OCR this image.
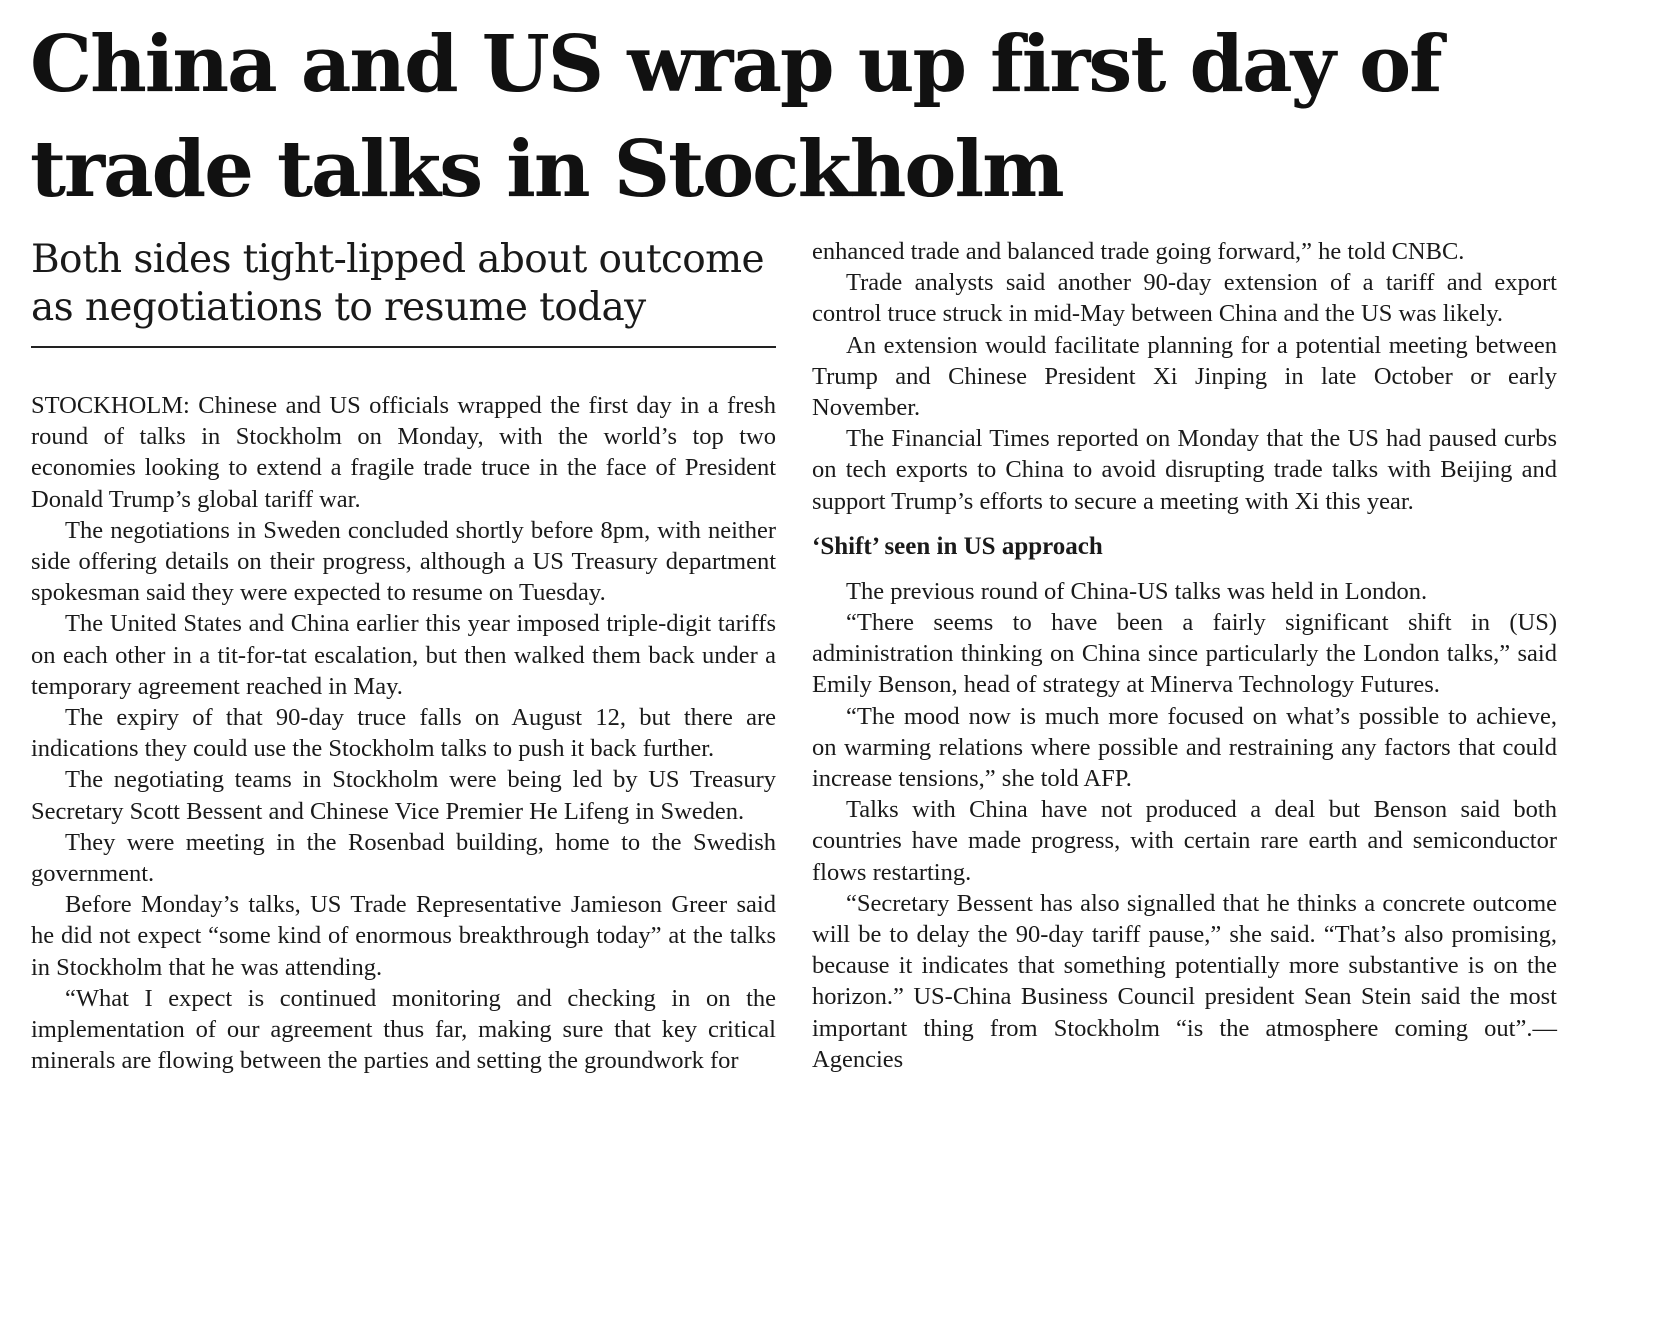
China and US wrap up first day of trade talks in Stockholm
Both sides tight-lipped about outcome as negotiations to resume today

STOCKHOLM: Chinese and US officials wrapped the first day in a fresh round of talks in Stockholm on Monday, with the world’s top two economies looking to extend a fragile trade truce in the face of President Donald Trump’s global tariff war.

The negotiations in Sweden concluded shortly before 8pm, with neither side offering details on their progress, although a US Treasury department spokesman said they were expected to resume on Tuesday.

The United States and China earlier this year imposed triple-digit tariffs on each other in a tit-for-tat escalation, but then walked them back under a temporary agreement reached in May.

The expiry of that 90-day truce falls on August 12, but there are indications they could use the Stockholm talks to push it back further.

The negotiating teams in Stockholm were being led by US Treasury Secretary Scott Bessent and Chinese Vice Premier He Lifeng in Sweden.

They were meeting in the Rosenbad building, home to the Swedish government.

Before Monday’s talks, US Trade Representative Jamieson Greer said he did not expect “some kind of enormous breakthrough today” at the talks in Stockholm that he was attending.

“What I expect is continued monitoring and checking in on the implementation of our agreement thus far, making sure that key critical minerals are flowing between the parties and setting the groundwork for

enhanced trade and balanced trade going forward,” he told CNBC.

Trade analysts said another 90-day extension of a tariff and export control truce struck in mid-May between China and the US was likely.

An extension would facilitate planning for a potential meeting between Trump and Chinese President Xi Jinping in late October or early November.

The Financial Times reported on Monday that the US had paused curbs on tech exports to China to avoid disrupting trade talks with Beijing and support Trump’s efforts to secure a meeting with Xi this year.

‘Shift’ seen in US approach

The previous round of China-US talks was held in London.

“There seems to have been a fairly significant shift in (US) administration thinking on China since particularly the London talks,” said Emily Benson, head of strategy at Minerva Technology Futures.

“The mood now is much more focused on what’s possible to achieve, on warming relations where possible and restraining any factors that could increase tensions,” she told AFP.

Talks with China have not produced a deal but Benson said both countries have made progress, with certain rare earth and semiconductor flows restarting.

“Secretary Bessent has also signalled that he thinks a concrete outcome will be to delay the 90-day tariff pause,” she said. “That’s also promising, because it indicates that something potentially more substantive is on the horizon.” US-China Business Council president Sean Stein said the most important thing from Stockholm “is the atmosphere coming out”.—Agencies
